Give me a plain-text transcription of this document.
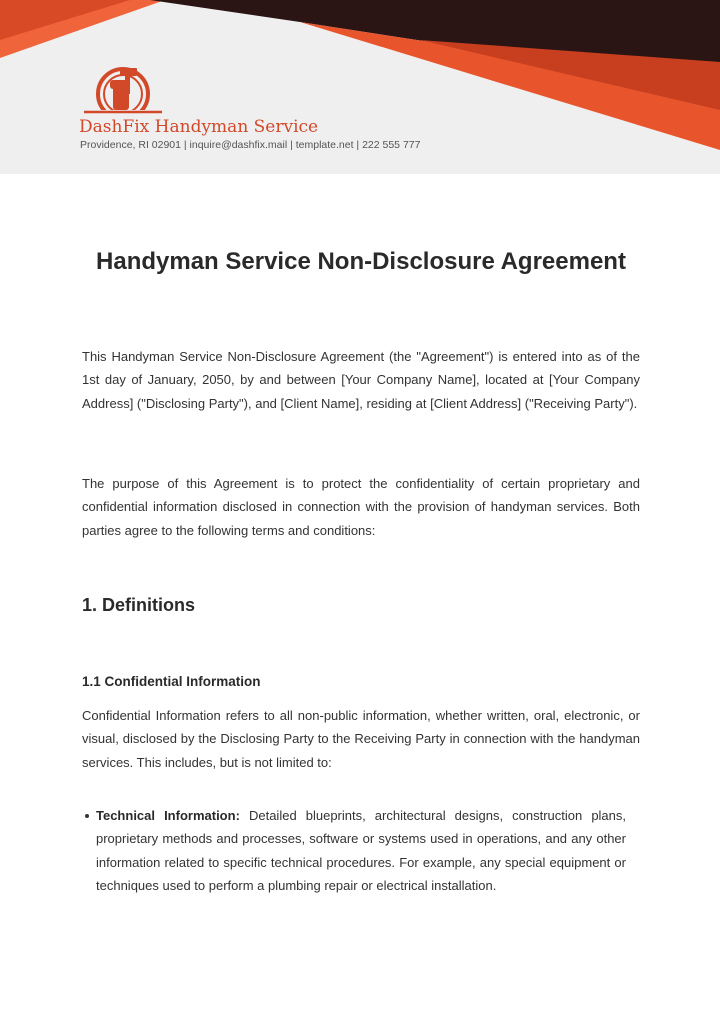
DashFix Handyman Service
Providence, RI 02901 | inquire@dashfix.mail | template.net | 222 555 777
Handyman Service Non-Disclosure Agreement

This Handyman Service Non-Disclosure Agreement (the "Agreement") is entered into as of the 1st day of January, 2050, by and between [Your Company Name], located at [Your Company Address] ("Disclosing Party"), and [Client Name], residing at [Client Address] ("Receiving Party").

The purpose of this Agreement is to protect the confidentiality of certain proprietary and confidential information disclosed in connection with the provision of handyman services. Both parties agree to the following terms and conditions:

1. Definitions
1.1 Confidential Information

Confidential Information refers to all non-public information, whether written, oral, electronic, or visual, disclosed by the Disclosing Party to the Receiving Party in connection with the handyman services. This includes, but is not limited to:

Technical Information: Detailed blueprints, architectural designs, construction plans, proprietary methods and processes, software or systems used in operations, and any other information related to specific technical procedures. For example, any special equipment or techniques used to perform a plumbing repair or electrical installation.
